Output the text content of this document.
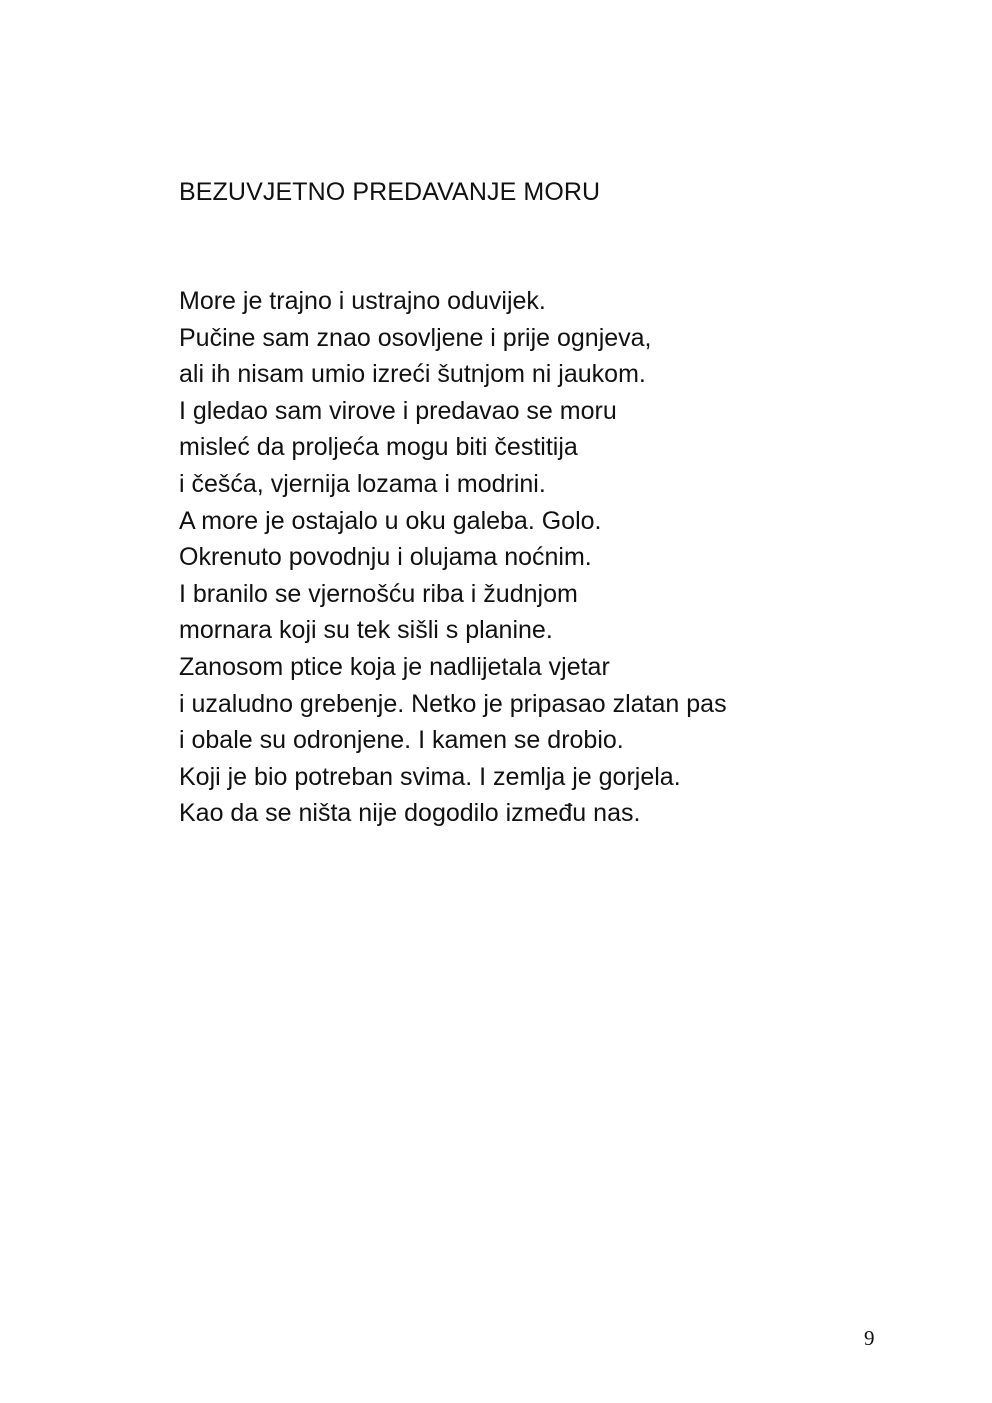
BEZUVJETNO PREDAVANJE MORU
More je trajno i ustrajno oduvijek.
Pučine sam znao osovljene i prije ognjeva,
ali ih nisam umio izreći šutnjom ni jaukom.
I gledao sam virove i predavao se moru
misleć da proljeća mogu biti čestitija
i češća, vjernija lozama i modrini.
A more je ostajalo u oku galeba. Golo.
Okrenuto povodnju i olujama noćnim.
I branilo se vjernošću riba i žudnjom
mornara koji su tek sišli s planine.
Zanosom ptice koja je nadlijetala vjetar
i uzaludno grebenje. Netko je pripasao zlatan pas
i obale su odronjene. I kamen se drobio.
Koji je bio potreban svima. I zemlja je gorjela.
Kao da se ništa nije dogodilo između nas.
9
